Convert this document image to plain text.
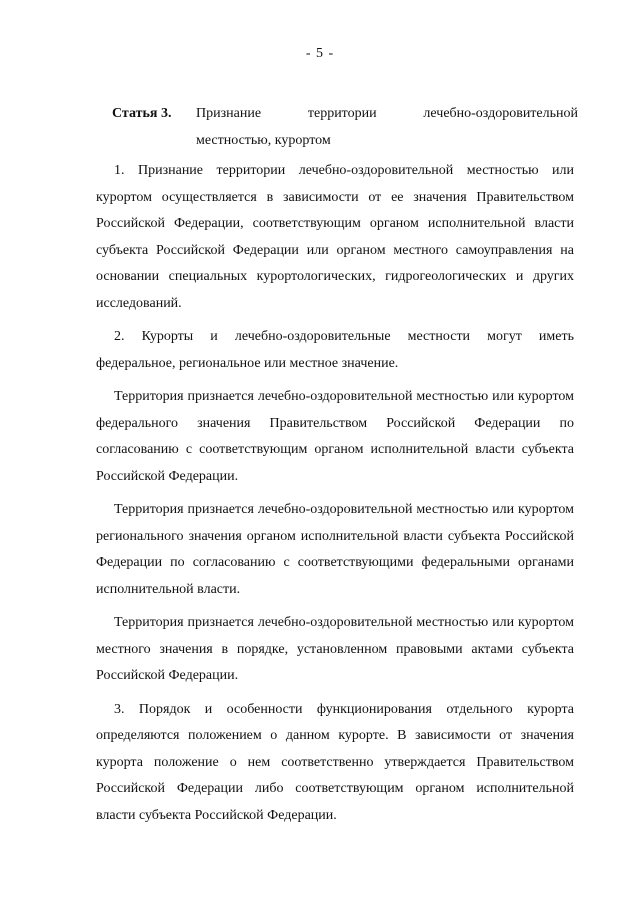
- 5 -
Статья 3. Признание территории лечебно-оздоровительной
местностью, курортом

1. Признание территории лечебно-оздоровительной местностью или курортом осуществляется в зависимости от ее значения Правительством Российской Федерации, соответствующим органом исполнительной власти субъекта Российской Федерации или органом местного самоуправления на основании специальных курортологических, гидрогеологических и других исследований.

2. Курорты и лечебно-оздоровительные местности могут иметь федеральное, региональное или местное значение.

Территория признается лечебно-оздоровительной местностью или курортом федерального значения Правительством Российской Федерации по согласованию с соответствующим органом исполнительной власти субъекта Российской Федерации.

Территория признается лечебно-оздоровительной местностью или курортом регионального значения органом исполнительной власти субъекта Российской Федерации по согласованию с соответствующими федеральными органами исполнительной власти.

Территория признается лечебно-оздоровительной местностью или курортом местного значения в порядке, установленном правовыми актами субъекта Российской Федерации.

3. Порядок и особенности функционирования отдельного курорта определяются положением о данном курорте. В зависимости от значения курорта положение о нем соответственно утверждается Правительством Российской Федерации либо соответствующим органом исполнительной власти субъекта Российской Федерации.
